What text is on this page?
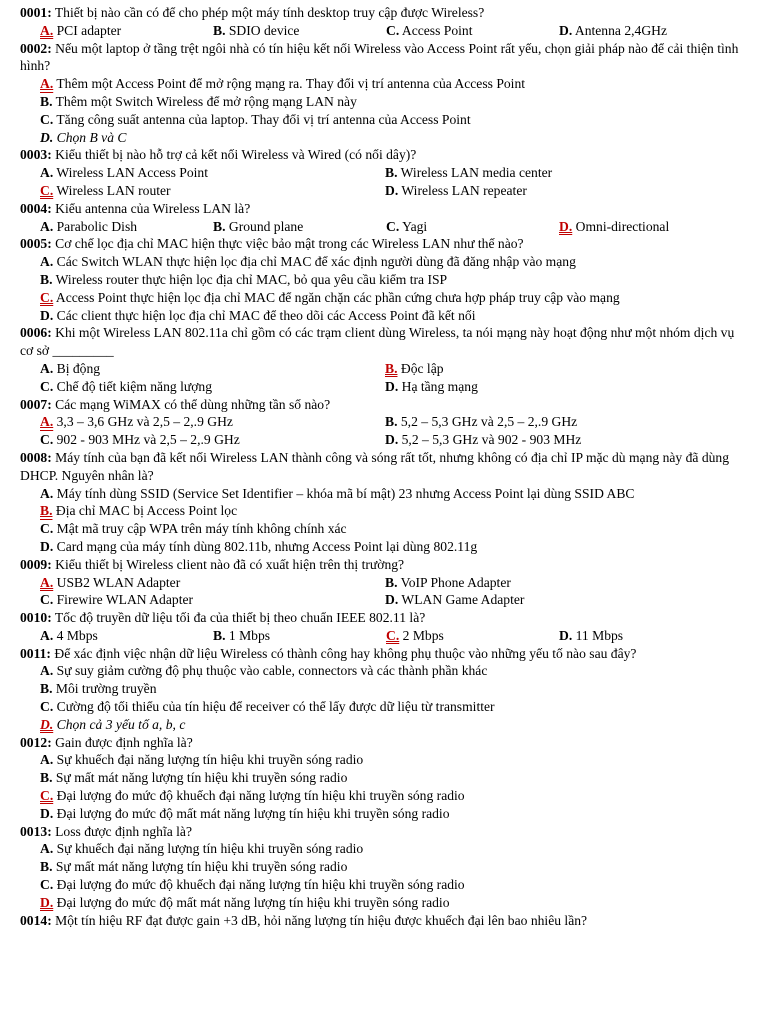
0001: Thiết bị nào cần có để cho phép một máy tính desktop truy cập được Wireless?
A. PCI adapter	B. SDIO device	C. Access Point	D. Antenna 2,4GHz
0002: Nếu một laptop ở tầng trệt ngôi nhà có tín hiệu kết nối Wireless vào Access Point rất yếu, chọn giải pháp nào để cải thiện tình hình?
A. Thêm một Access Point để mở rộng mạng ra. Thay đổi vị trí antenna của Access Point
B. Thêm một Switch Wireless để mở rộng mạng LAN này
C. Tăng công suất antenna của laptop. Thay đổi vị trí antenna của Access Point
D. Chọn B và C
0003: Kiểu thiết bị nào hỗ trợ cả kết nối Wireless và Wired (có nối dây)?
A. Wireless LAN Access Point	B. Wireless LAN media center
C. Wireless LAN router	D. Wireless LAN repeater
0004: Kiểu antenna của Wireless LAN là?
A. Parabolic Dish	B. Ground plane	C. Yagi	D. Omni-directional
0005: Cơ chế lọc địa chỉ MAC hiện thực việc bảo mật trong các Wireless LAN như thế nào?
A. Các Switch WLAN thực hiện lọc địa chỉ MAC để xác định người dùng đã đăng nhập vào mạng
B. Wireless router thực hiện lọc địa chỉ MAC, bỏ qua yêu cầu kiểm tra ISP
C. Access Point thực hiện lọc địa chỉ MAC để ngăn chặn các phần cứng chưa hợp pháp truy cập vào mạng
D. Các client thực hiện lọc địa chỉ MAC để theo dõi các Access Point đã kết nối
0006: Khi một Wireless LAN 802.11a chỉ gồm có các trạm client dùng Wireless, ta nói mạng này hoạt động như một nhóm dịch vụ cơ sở _________
A. Bị động	B. Độc lập
C. Chế độ tiết kiệm năng lượng	D. Hạ tầng mạng
0007: Các mạng WiMAX có thể dùng những tần số nào?
A. 3,3 – 3,6 GHz và 2,5 – 2,.9 GHz	B. 5,2 – 5,3 GHz và 2,5 – 2,.9 GHz
C. 902 - 903 MHz và 2,5 – 2,.9 GHz	D. 5,2 – 5,3 GHz và 902 - 903 MHz
0008: Máy tính của bạn đã kết nối Wireless LAN thành công và sóng rất tốt, nhưng không có địa chỉ IP mặc dù mạng này đã dùng DHCP. Nguyên nhân là?
A. Máy tính dùng SSID (Service Set Identifier – khóa mã bí mật) 23 nhưng Access Point lại dùng SSID ABC
B. Địa chỉ MAC bị Access Point lọc
C. Mật mã truy cập WPA trên máy tính không chính xác
D. Card mạng của máy tính dùng 802.11b, nhưng Access Point lại dùng 802.11g
0009: Kiểu thiết bị Wireless client nào đã có xuất hiện trên thị trường?
A. USB2 WLAN Adapter	B. VoIP Phone Adapter
C. Firewire WLAN Adapter	D. WLAN Game Adapter
0010: Tốc độ truyền dữ liệu tối đa của thiết bị theo chuẩn IEEE 802.11 là?
A. 4 Mbps	B. 1 Mbps	C. 2 Mbps	D. 11 Mbps
0011: Để xác định việc nhận dữ liệu Wireless có thành công hay không phụ thuộc vào những yếu tố nào sau đây?
A. Sự suy giảm cường độ phụ thuộc vào cable, connectors và các thành phần khác
B. Môi trường truyền
C. Cường độ tối thiểu của tín hiệu để receiver có thể lấy được dữ liệu từ transmitter
D. Chọn cả 3 yếu tố a, b, c
0012: Gain được định nghĩa là?
A. Sự khuếch đại năng lượng tín hiệu khi truyền sóng radio
B. Sự mất mát năng lượng tín hiệu khi truyền sóng radio
C. Đại lượng đo mức độ khuếch đại năng lượng tín hiệu khi truyền sóng radio
D. Đại lượng đo mức độ mất mát năng lượng tín hiệu khi truyền sóng radio
0013: Loss được định nghĩa là?
A. Sự khuếch đại năng lượng tín hiệu khi truyền sóng radio
B. Sự mất mát năng lượng tín hiệu khi truyền sóng radio
C. Đại lượng đo mức độ khuếch đại năng lượng tín hiệu khi truyền sóng radio
D. Đại lượng đo mức độ mất mát năng lượng tín hiệu khi truyền sóng radio
0014: Một tín hiệu RF đạt được gain +3 dB, hỏi năng lượng tín hiệu được khuếch đại lên bao nhiêu lần?
